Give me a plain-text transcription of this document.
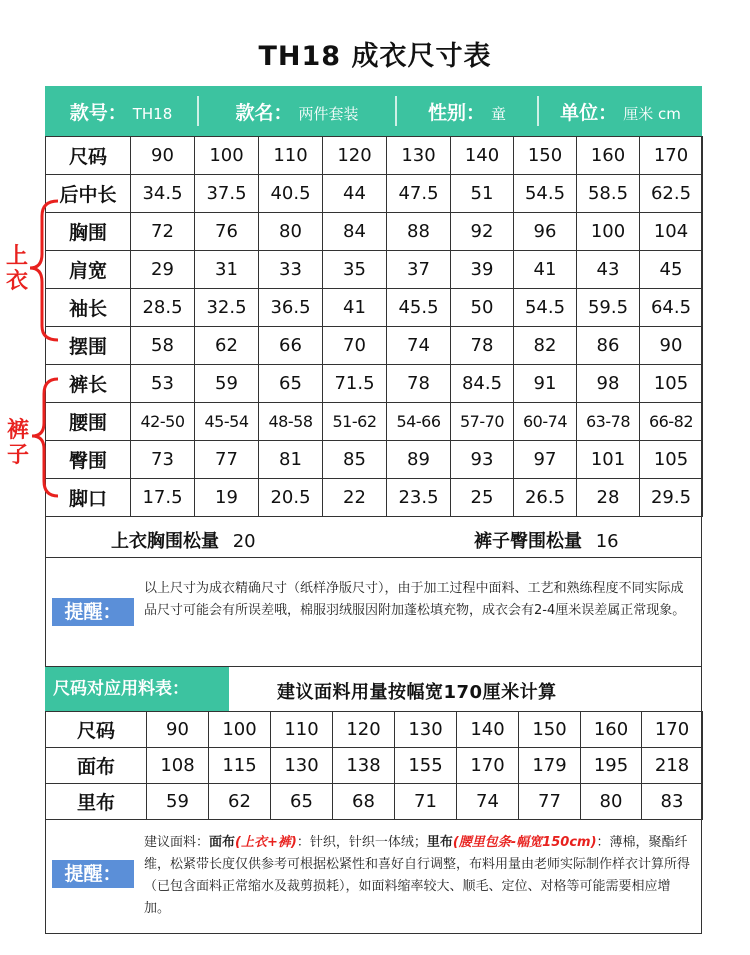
TH18 成衣尺寸表
款号： TH18	款名： 两件套装	性别： 童	单位： 厘米 cm
尺码	90	100	110	120	130	140	150	160	170
后中长	34.5	37.5	40.5	44	47.5	51	54.5	58.5	62.5
胸围	72	76	80	84	88	92	96	100	104
肩宽	29	31	33	35	37	39	41	43	45
袖长	28.5	32.5	36.5	41	45.5	50	54.5	59.5	64.5
摆围	58	62	66	70	74	78	82	86	90
裤长	53	59	65	71.5	78	84.5	91	98	105
腰围	42-50	45-54	48-58	51-62	54-66	57-70	60-74	63-78	66-82
臀围	73	77	81	85	89	93	97	101	105
脚口	17.5	19	20.5	22	23.5	25	26.5	28	29.5
上衣
裤子
上衣胸围松量 20	裤子臀围松量 16
提醒：
以上尺寸为成衣精确尺寸（纸样净版尺寸），由于加工过程中面料、工艺和熟练程度不同实际成品尺寸可能会有所误差哦，棉服羽绒服因附加蓬松填充物，成衣会有2-4厘米误差属正常现象。
尺码对应用料表：	建议面料用量按幅宽170厘米计算
尺码	90	100	110	120	130	140	150	160	170
面布	108	115	130	138	155	170	179	195	218
里布	59	62	65	68	71	74	77	80	83
提醒：
建议面料：面布(上衣+裤)：针织，针织一体绒；里布(腰里包条-幅宽150cm)：薄棉，聚酯纤维，松紧带长度仅供参考可根据松紧性和喜好自行调整，布料用量由老师实际制作样衣计算所得（已包含面料正常缩水及裁剪损耗），如面料缩率较大、顺毛、定位、对格等可能需要相应增加。
